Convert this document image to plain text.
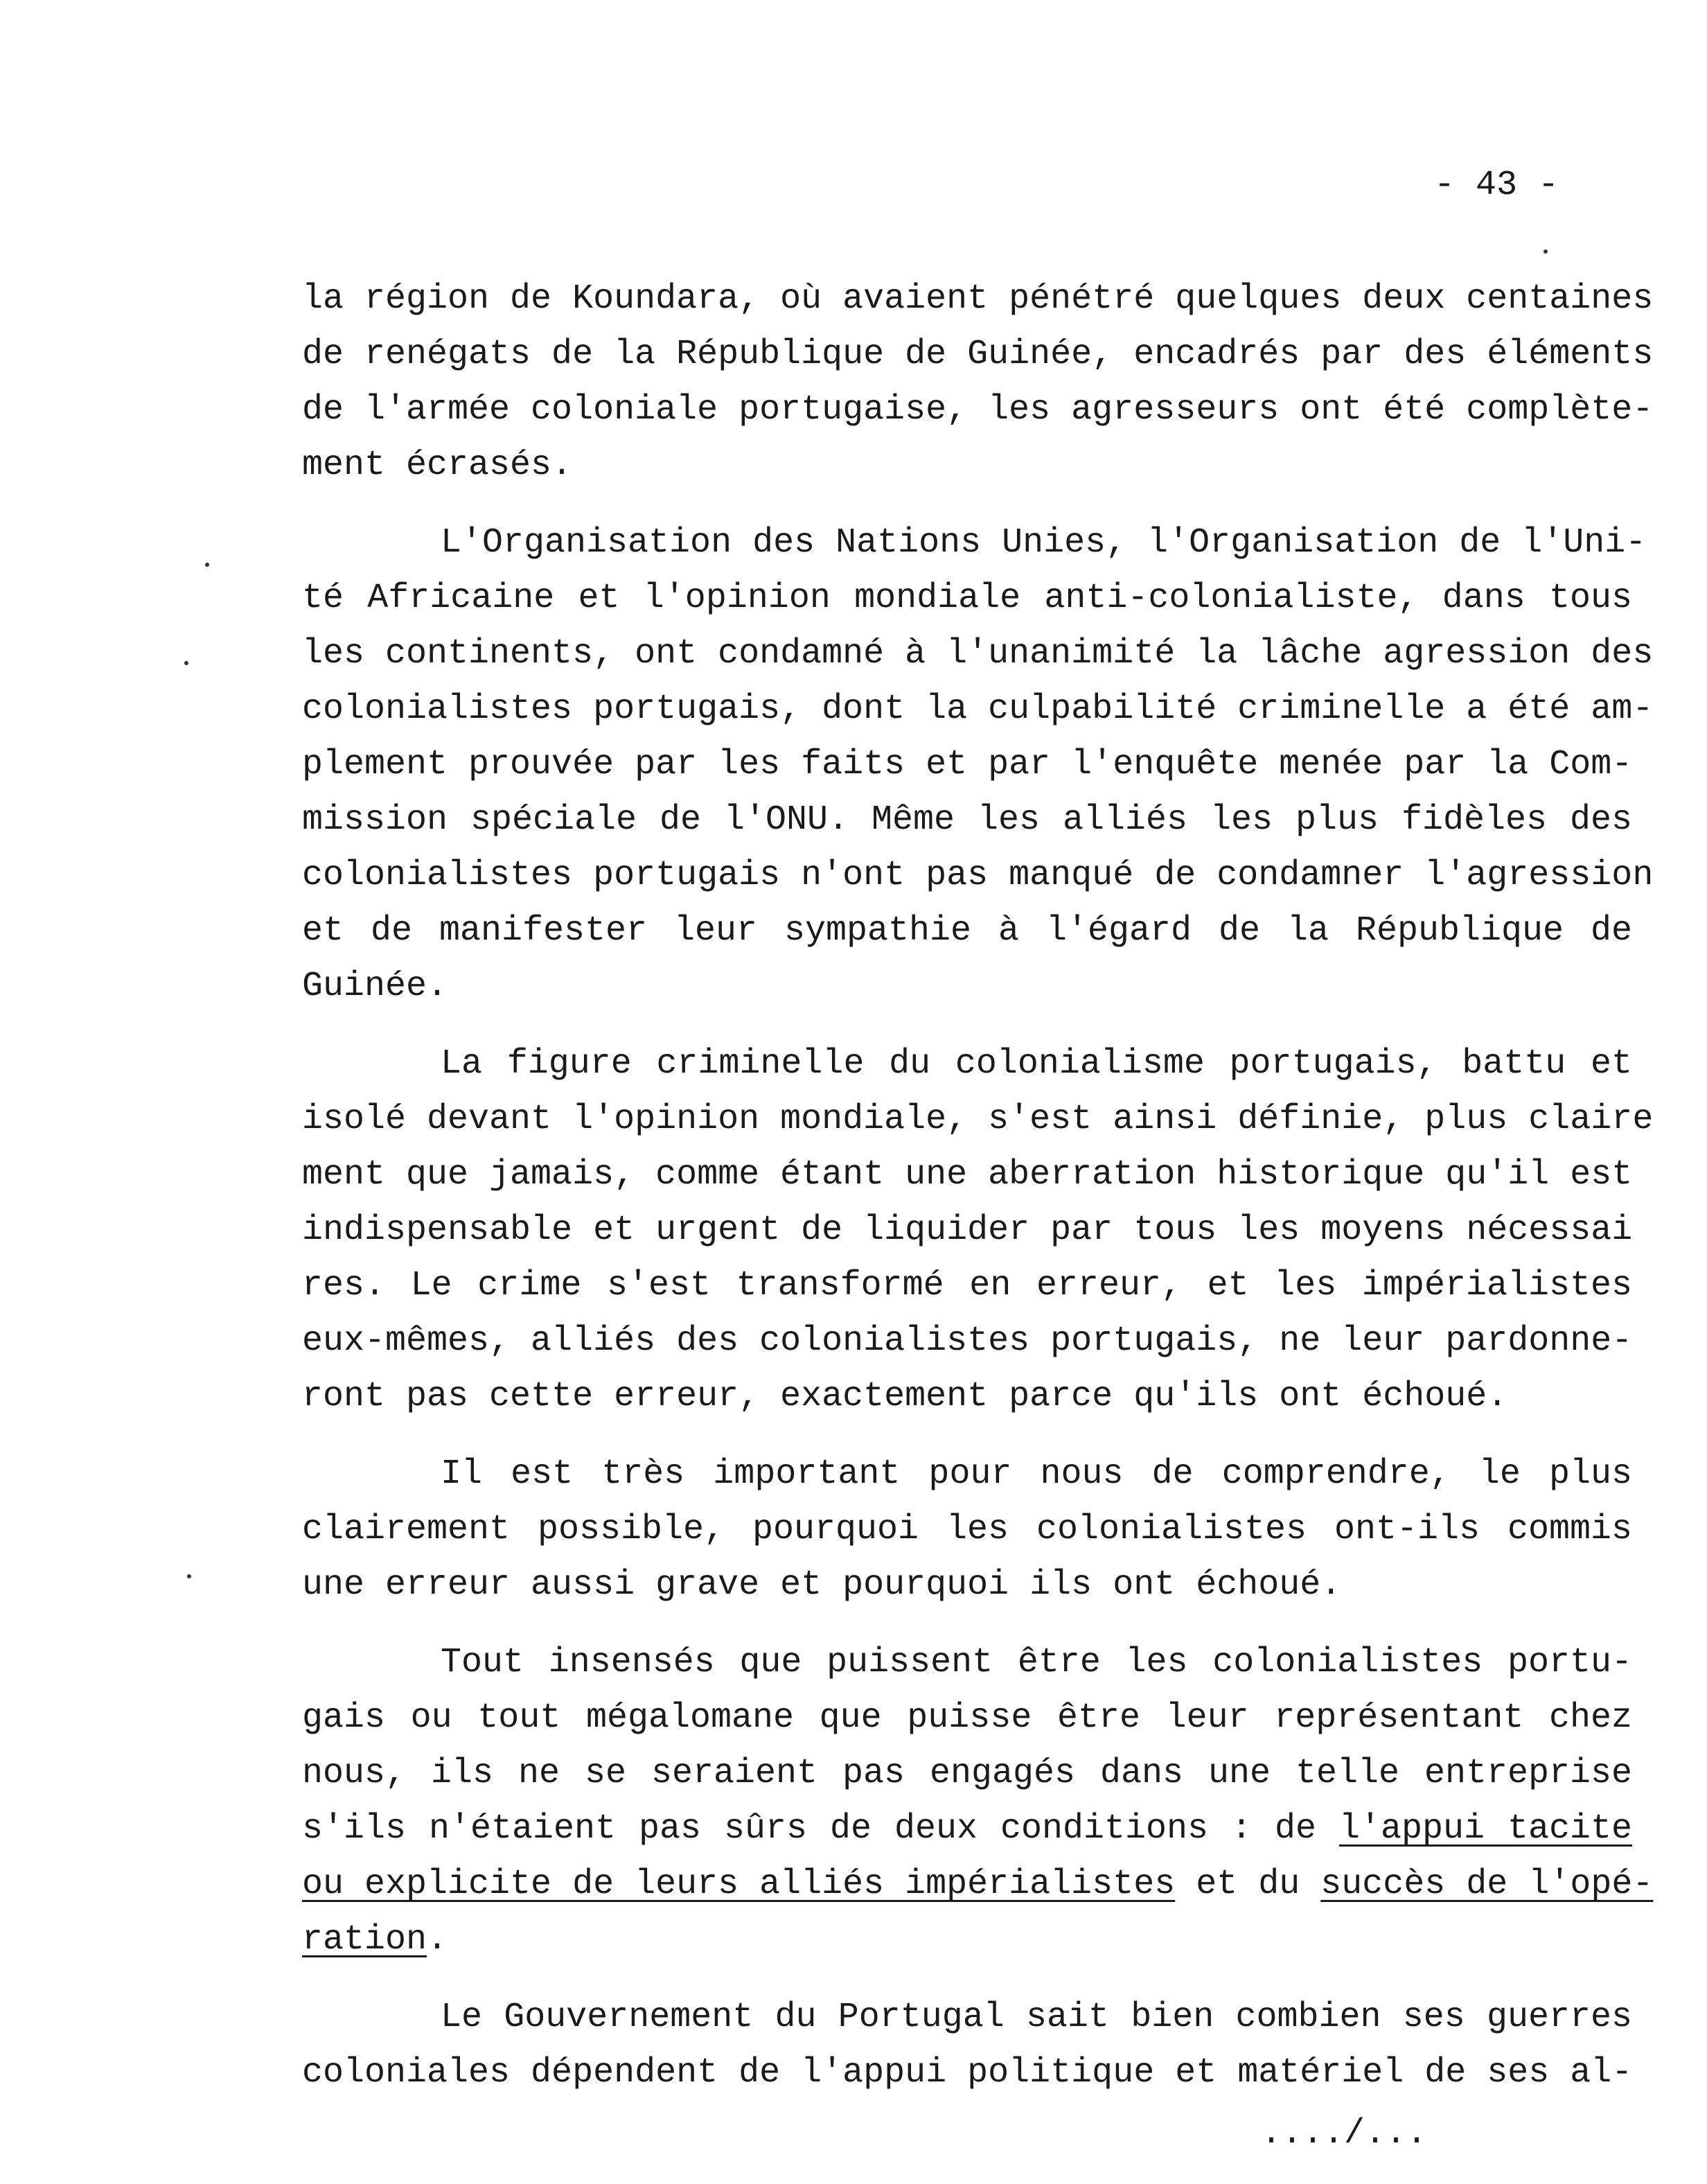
- 43 -
la région de Koundara, où avaient pénétré quelques deux centaines
de renégats de la République de Guinée, encadrés par des éléments
de l'armée coloniale portugaise, les agresseurs ont été complète-
ment écrasés.
L'Organisation des Nations Unies, l'Organisation de l'Uni-
té Africaine et l'opinion mondiale anti-colonialiste, dans tous
les continents, ont condamné à l'unanimité la lâche agression des
colonialistes portugais, dont la culpabilité criminelle a été am-
plement prouvée par les faits et par l'enquête menée par la Com-
mission spéciale de l'ONU. Même les alliés les plus fidèles des
colonialistes portugais n'ont pas manqué de condamner l'agression
et de manifester leur sympathie à l'égard de la République de
Guinée.
La figure criminelle du colonialisme portugais, battu et
isolé devant l'opinion mondiale, s'est ainsi définie, plus claire
ment que jamais, comme étant une aberration historique qu'il est
indispensable et urgent de liquider par tous les moyens nécessai
res. Le crime s'est transformé en erreur, et les impérialistes
eux-mêmes, alliés des colonialistes portugais, ne leur pardonne-
ront pas cette erreur, exactement parce qu'ils ont échoué.
Il est très important pour nous de comprendre, le plus
clairement possible, pourquoi les colonialistes ont-ils commis
une erreur aussi grave et pourquoi ils ont échoué.
Tout insensés que puissent être les colonialistes portu-
gais ou tout mégalomane que puisse être leur représentant chez
nous, ils ne se seraient pas engagés dans une telle entreprise
s'ils n'étaient pas sûrs de deux conditions : de l'appui tacite
ou explicite de leurs alliés impérialistes et du succès de l'opé-
ration.
Le Gouvernement du Portugal sait bien combien ses guerres
coloniales dépendent de l'appui politique et matériel de ses al-
..../...
